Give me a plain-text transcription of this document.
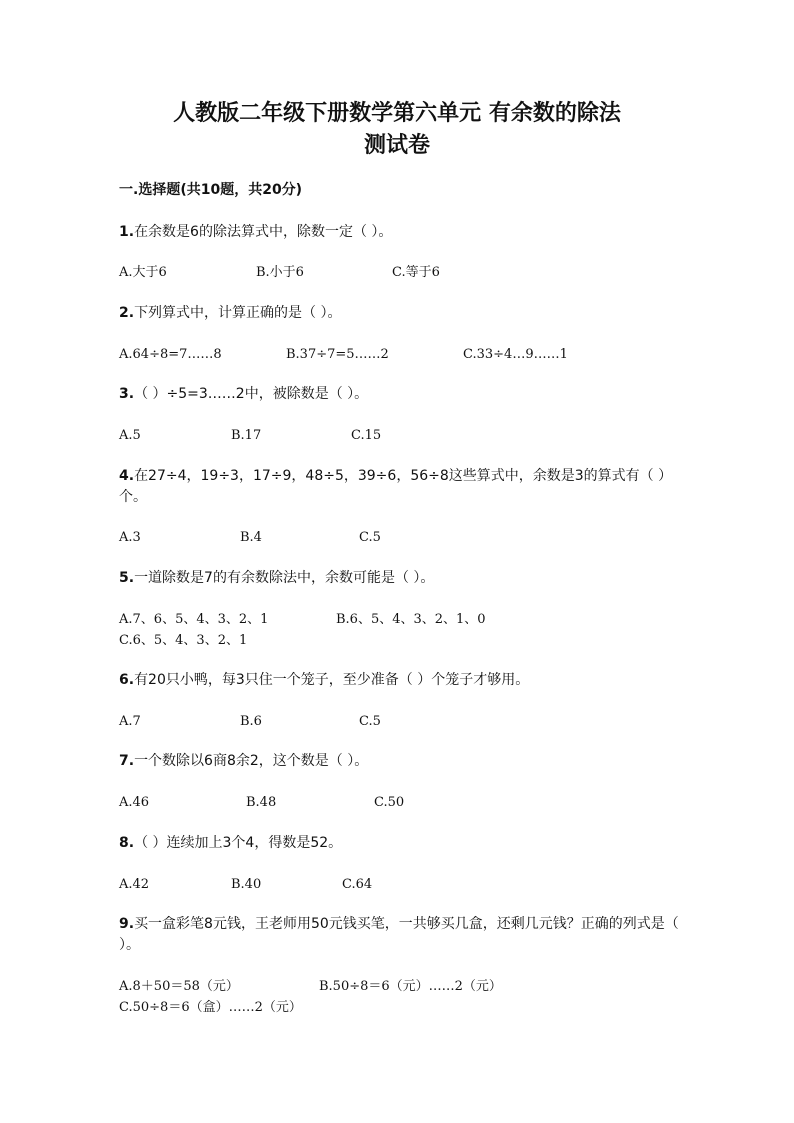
人教版二年级下册数学第六单元 有余数的除法
测试卷
一.选择题(共10题，共20分)
1.在余数是6的除法算式中，除数一定（ ）。
A.大于6	B.小于6	C.等于6
2.下列算式中，计算正确的是（ ）。
A.64÷8=7……8	B.37÷7=5……2	C.33÷4…9……1
3.（ ）÷5=3……2中，被除数是（ ）。
A.5	B.17	C.15
4.在27÷4，19÷3，17÷9，48÷5，39÷6，56÷8这些算式中，余数是3的算式有（ ）个。
A.3	B.4	C.5
5.一道除数是7的有余数除法中，余数可能是（ ）。
A.7、6、5、4、3、2、1	B.6、5、4、3、2、1、0
C.6、5、4、3、2、1
6.有20只小鸭，每3只住一个笼子，至少准备（ ）个笼子才够用。
A.7	B.6	C.5
7.一个数除以6商8余2，这个数是（ ）。
A.46	B.48	C.50
8.（ ）连续加上3个4，得数是52。
A.42	B.40	C.64
9.买一盒彩笔8元钱，王老师用50元钱买笔，一共够买几盒，还剩几元钱？正确的列式是（ ）。
A.8＋50＝58（元）	B.50÷8＝6（元）……2（元）
C.50÷8＝6（盒）……2（元）
